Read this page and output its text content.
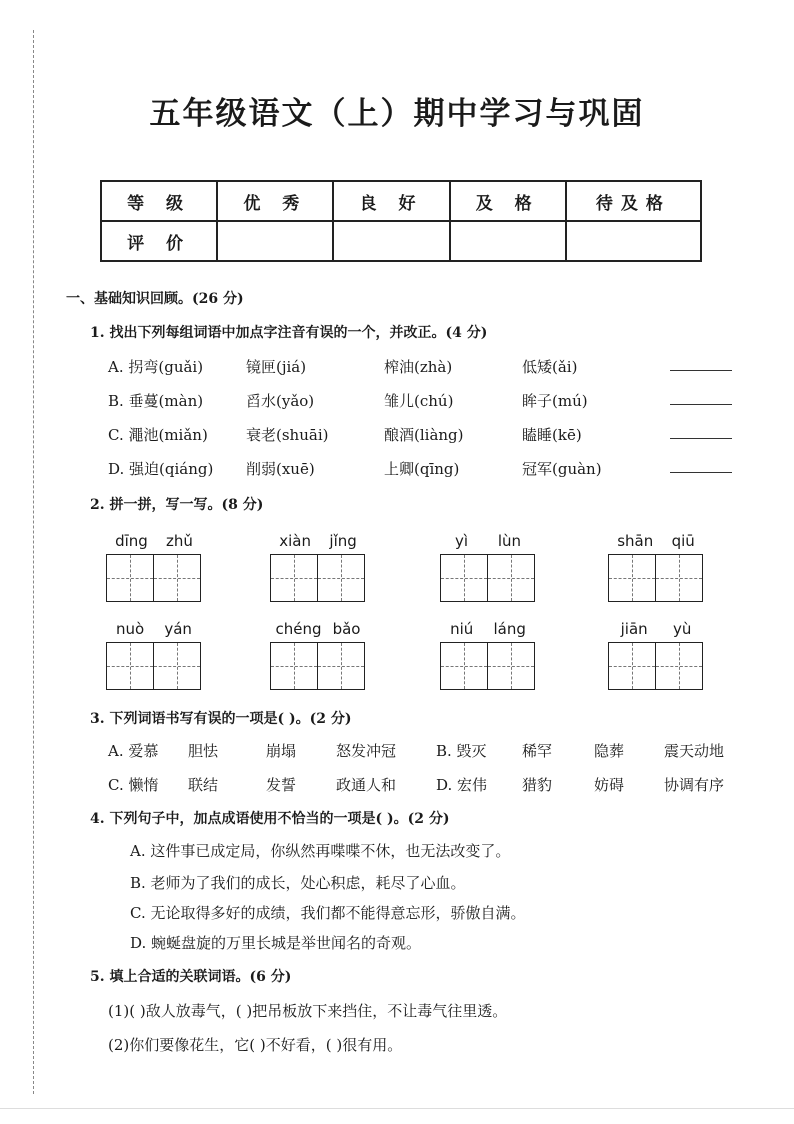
五年级语文（上）期中学习与巩固
等 级	优 秀	良 好	及 格	待及格
评 价				
一、基础知识回顾。(26 分)
1. 找出下列每组词语中加点字注音有误的一个，并改正。(4 分)
A. 拐弯(guǎi)	镜匣(jiá)	榨油(zhà)	低矮(ǎi)
B. 垂蔓(màn)	舀水(yǎo)	雏儿(chú)	眸子(mú)
C. 澠池(miǎn)	衰老(shuāi)	酿酒(liàng)	瞌睡(kē)
D. 强迫(qiáng)	削弱(xuē)	上卿(qīng)	冠军(guàn)
2. 拼一拼，写一写。(8 分)
dīng zhǔ	xiàn jǐng	yì lùn	shān qiū
nuò yán	chéng bǎo	niú láng	jiān yù
3. 下列词语书写有误的一项是( )。(2 分)
A. 爱慕	胆怯	崩塌	怒发冲冠	B. 毁灭	稀罕	隐葬	震天动地
C. 懒惰	联结	发誓	政通人和	D. 宏伟	猎豹	妨碍	协调有序
4. 下列句子中，加点成语使用不恰当的一项是( )。(2 分)
A. 这件事已成定局，你纵然再喋喋不休，也无法改变了。
B. 老师为了我们的成长，处心积虑，耗尽了心血。
C. 无论取得多好的成绩，我们都不能得意忘形，骄傲自满。
D. 蜿蜒盘旋的万里长城是举世闻名的奇观。
5. 填上合适的关联词语。(6 分)
(1)( )敌人放毒气，( )把吊板放下来挡住，不让毒气往里透。
(2)你们要像花生，它( )不好看，( )很有用。
